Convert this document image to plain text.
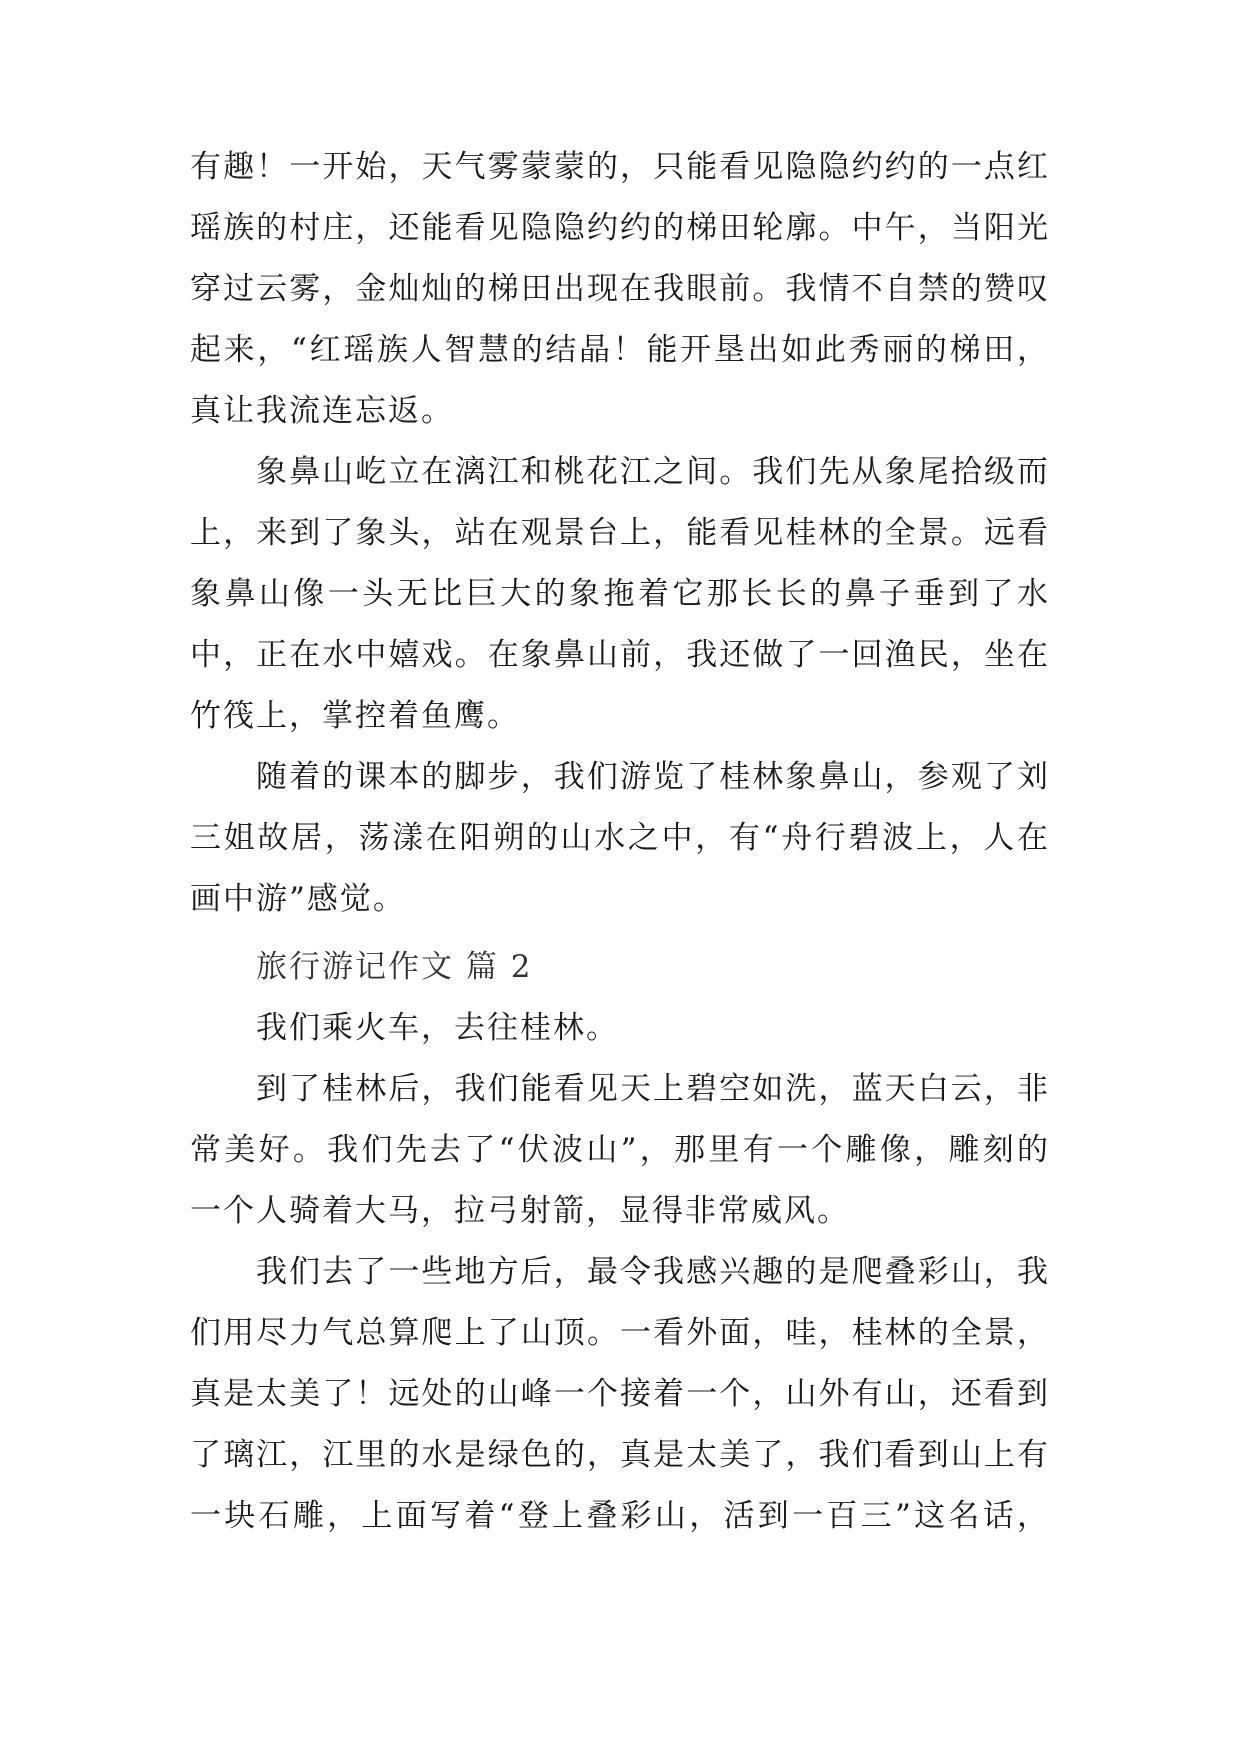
有趣！一开始，天气雾蒙蒙的，只能看见隐隐约约的一点红
瑶族的村庄，还能看见隐隐约约的梯田轮廓。中午，当阳光
穿过云雾，金灿灿的梯田出现在我眼前。我情不自禁的赞叹
起来，“红瑶族人智慧的结晶！能开垦出如此秀丽的梯田，
真让我流连忘返。
象鼻山屹立在漓江和桃花江之间。我们先从象尾拾级而
上，来到了象头，站在观景台上，能看见桂林的全景。远看
象鼻山像一头无比巨大的象拖着它那长长的鼻子垂到了水
中，正在水中嬉戏。在象鼻山前，我还做了一回渔民，坐在
竹筏上，掌控着鱼鹰。
随着的课本的脚步，我们游览了桂林象鼻山，参观了刘
三姐故居，荡漾在阳朔的山水之中，有“舟行碧波上，人在
画中游”感觉。
旅行游记作文 篇 2
我们乘火车，去往桂林。
到了桂林后，我们能看见天上碧空如洗，蓝天白云，非
常美好。我们先去了“伏波山”，那里有一个雕像，雕刻的
一个人骑着大马，拉弓射箭，显得非常威风。
我们去了一些地方后，最令我感兴趣的是爬叠彩山，我
们用尽力气总算爬上了山顶。一看外面，哇，桂林的全景，
真是太美了！远处的山峰一个接着一个，山外有山，还看到
了璃江，江里的水是绿色的，真是太美了，我们看到山上有
一块石雕，上面写着“登上叠彩山，活到一百三”这名话，
